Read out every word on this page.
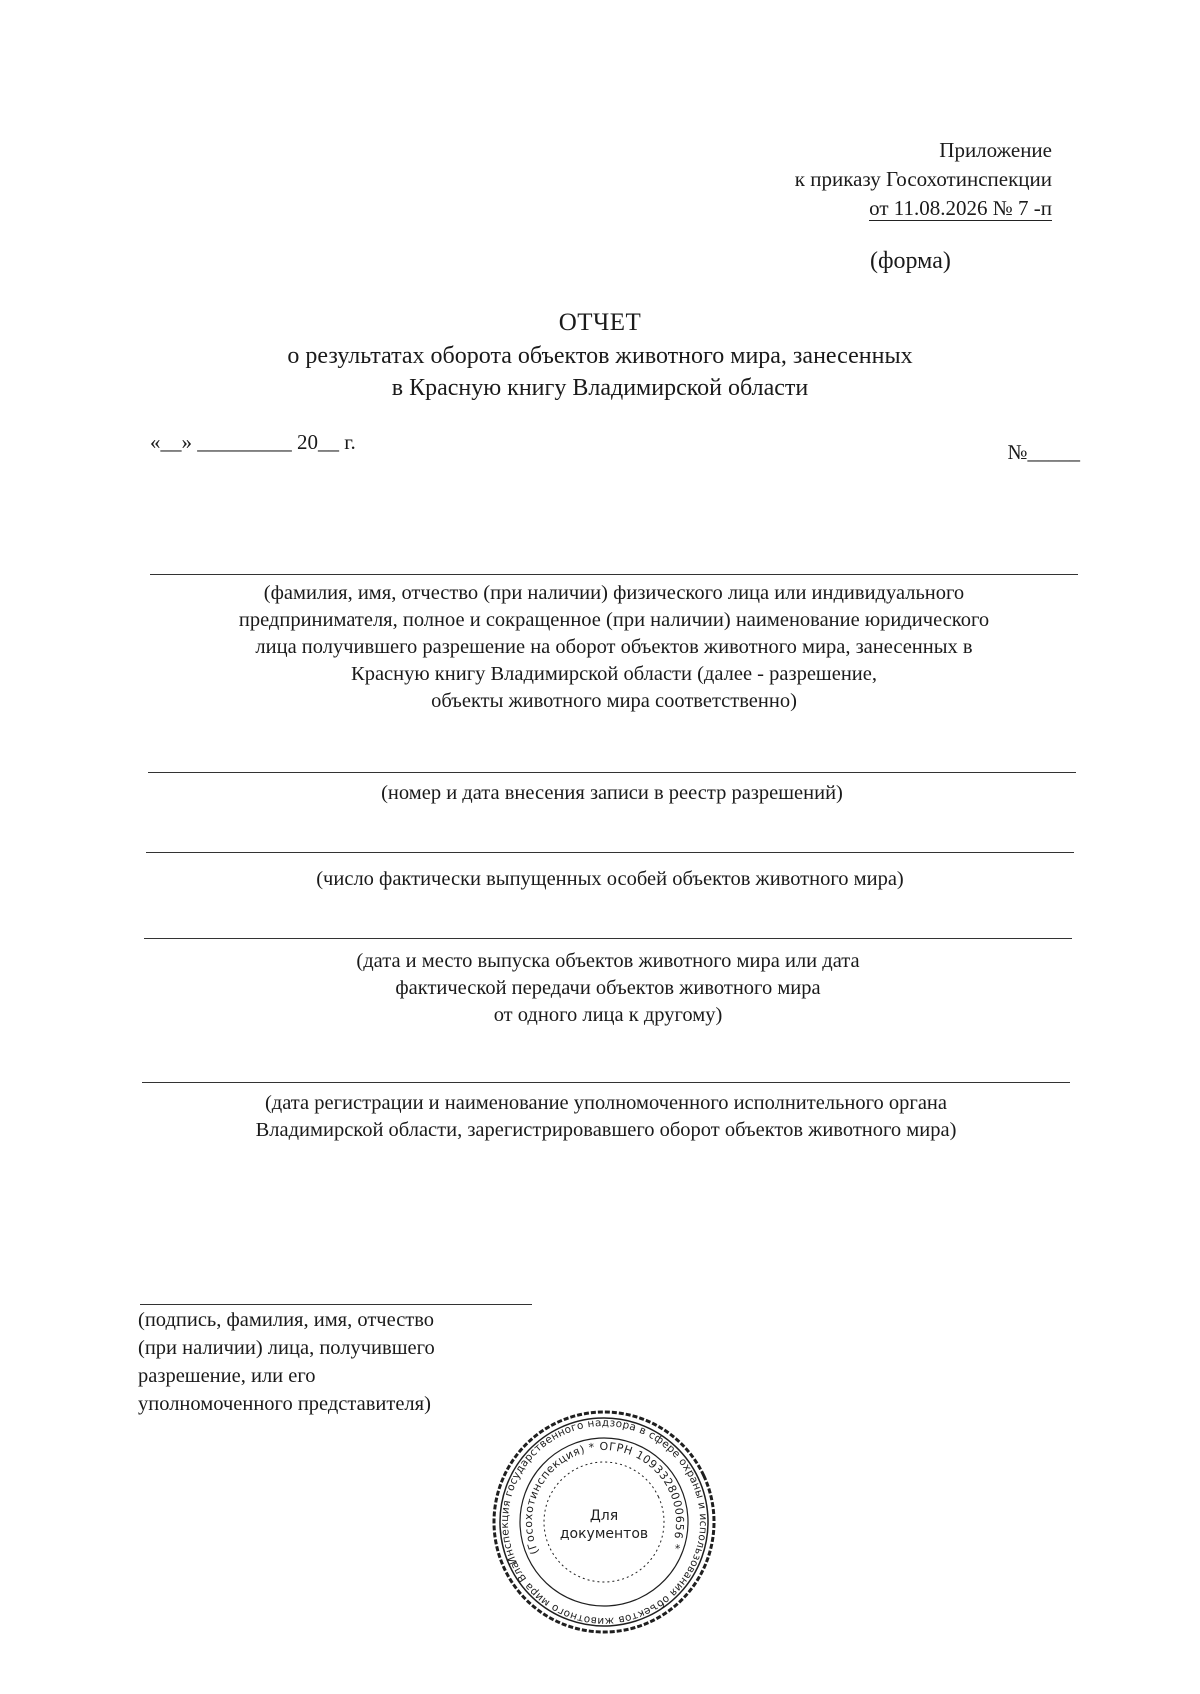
Приложение
к приказу Госохотинспекции
от 11.08.2026 № 7 -п
(форма)
ОТЧЕТ
о результатах оборота объектов животного мира, занесенных
в Красную книгу Владимирской области
«__» _________ 20__ г.	№_____
(фамилия, имя, отчество (при наличии) физического лица или индивидуального
предпринимателя, полное и сокращенное (при наличии) наименование юридического
лица получившего разрешение на оборот объектов животного мира, занесенных в
Красную книгу Владимирской области (далее - разрешение,
объекты животного мира соответственно)
(номер и дата внесения записи в реестр разрешений)
(число фактически выпущенных особей объектов животного мира)
(дата и место выпуска объектов животного мира или дата
фактической передачи объектов животного мира
от одного лица к другому)
(дата регистрации и наименование уполномоченного исполнительного органа
Владимирской области, зарегистрировавшего оборот объектов животного мира)
(подпись, фамилия, имя, отчество
(при наличии) лица, получившего
разрешение, или его
уполномоченного представителя)
Инспекция государственного надзора в сфере охраны и использования объектов животного мира Владимирской
(Госохотинспекция) * ОГРН 1093328000656 *
Для
документов
